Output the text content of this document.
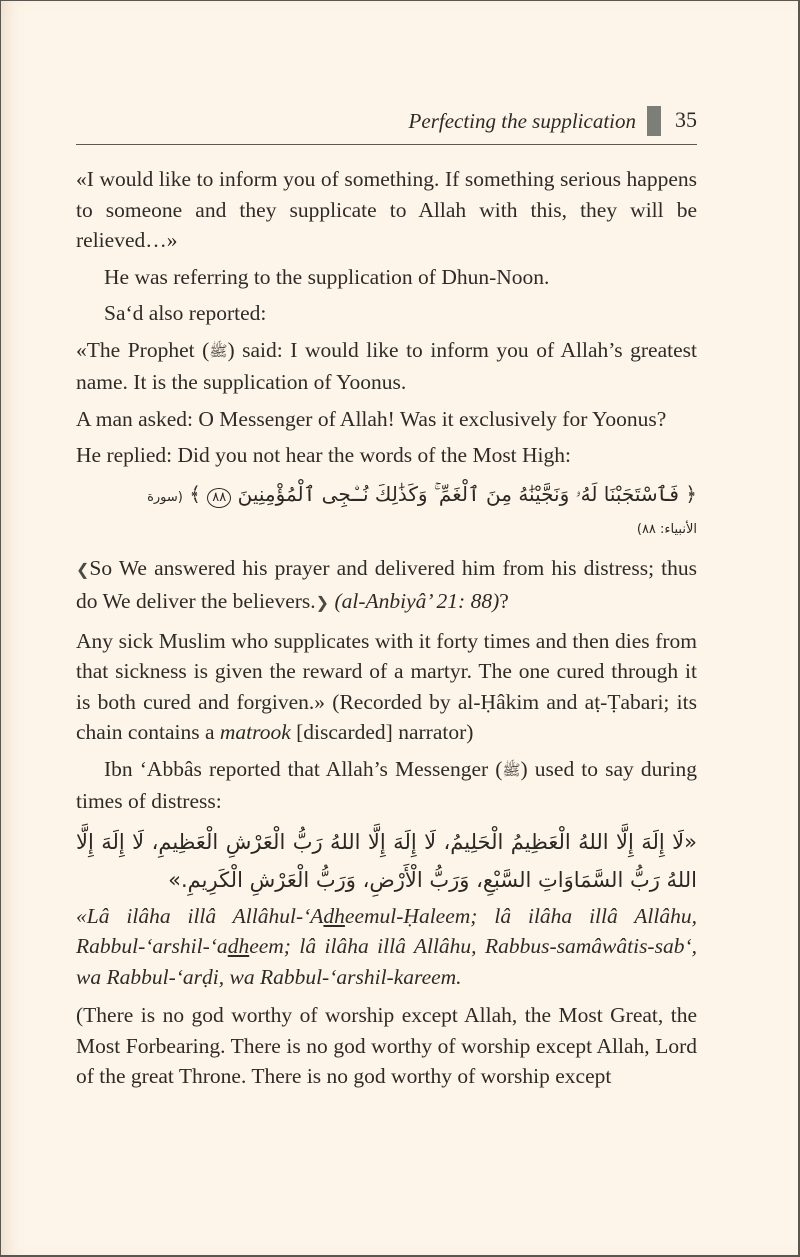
Perfecting the supplication 35

«I would like to inform you of something. If something serious happens to someone and they supplicate to Allah with this, they will be relieved…»

He was referring to the supplication of Dhun-Noon.

Sa‘d also reported:

«The Prophet (ﷺ) said: I would like to inform you of Allah’s greatest name. It is the supplication of Yoonus.

A man asked: O Messenger of Allah! Was it exclusively for Yoonus?

He replied: Did you not hear the words of the Most High:

﴿ فَٱسْتَجَبْنَا لَهُۥ وَنَجَّيْنَٰهُ مِنَ ٱلْغَمِّ ۚ وَكَذَٰلِكَ نُـۨجِى ٱلْمُؤْمِنِينَ ٨٨ ﴾ (سورة
الأنبياء: ٨٨)

❮So We answered his prayer and delivered him from his distress; thus do We deliver the believers.❯ (al-Anbiyâ’ 21: 88)?

Any sick Muslim who supplicates with it forty times and then dies from that sickness is given the reward of a martyr. The one cured through it is both cured and forgiven.» (Recorded by al-Ḥâkim and aṭ-Ṭabari; its chain contains a matrook [discarded] narrator)

Ibn ‘Abbâs reported that Allah’s Messenger (ﷺ) used to say during times of distress:

«لَا إِلَهَ إِلَّا اللهُ الْعَظِيمُ الْحَلِيمُ، لَا إِلَهَ إِلَّا اللهُ رَبُّ الْعَرْشِ الْعَظِيمِ، لَا إِلَهَ إِلَّا اللهُ رَبُّ السَّمَاوَاتِ السَّبْعِ، وَرَبُّ الْأَرْضِ، وَرَبُّ الْعَرْشِ الْكَرِيمِ.»

«Lâ ilâha illâ Allâhul-‘Adheemul-Ḥaleem; lâ ilâha illâ Allâhu, Rabbul-‘arshil-‘adheem; lâ ilâha illâ Allâhu, Rabbus-samâwâtis-sab‘, wa Rabbul-‘arḍi, wa Rabbul-‘arshil-kareem.

(There is no god worthy of worship except Allah, the Most Great, the Most Forbearing. There is no god worthy of worship except Allah, Lord of the great Throne. There is no god worthy of worship except
